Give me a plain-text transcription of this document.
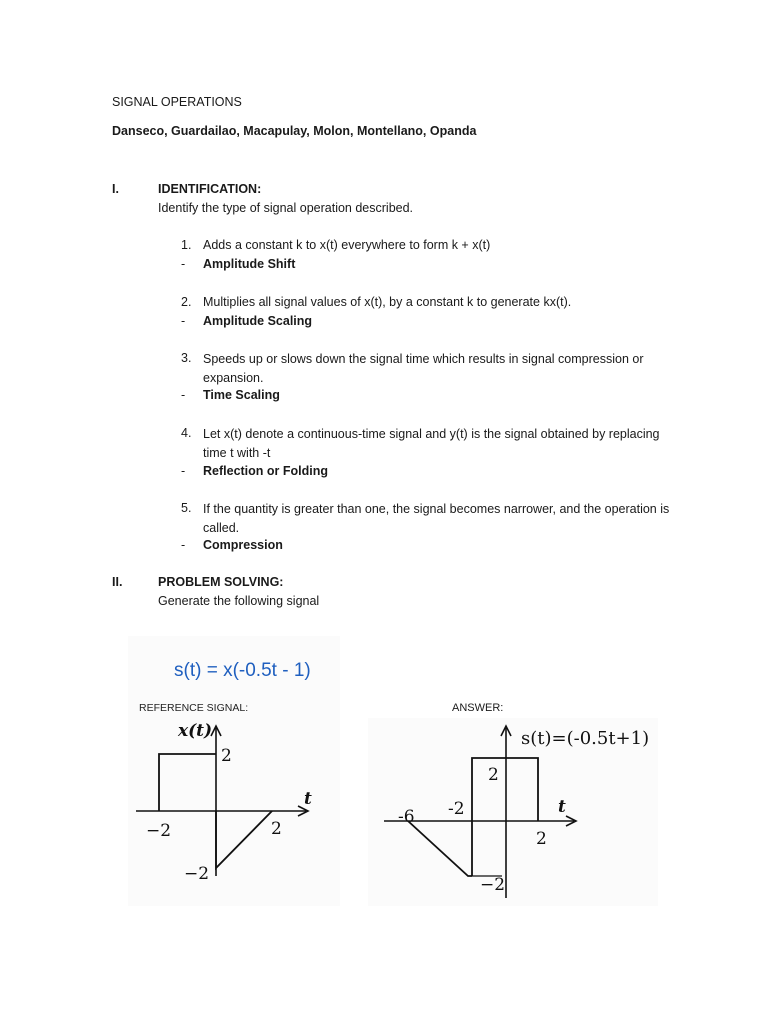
SIGNAL OPERATIONS
Danseco, Guardailao, Macapulay, Molon, Montellano, Opanda
I.	IDENTIFICATION:
Identify the type of signal operation described.
1. Adds a constant k to x(t) everywhere to form k + x(t)
- Amplitude Shift
2. Multiplies all signal values of x(t), by a constant k to generate kx(t).
- Amplitude Scaling
3. Speeds up or slows down the signal time which results in signal compression or expansion.
- Time Scaling
4. Let x(t) denote a continuous-time signal and y(t) is the signal obtained by replacing time t with -t
- Reflection or Folding
5. If the quantity is greater than one, the signal becomes narrower, and the operation is called.
- Compression
II.	PROBLEM SOLVING:
Generate the following signal
s(t) = x(-0.5t - 1)
REFERENCE SIGNAL:
x(t)
2
−2
−2	2
t
ANSWER:
s(t)=(-0.5t+1)
2
−2
-6 -2
2
t
